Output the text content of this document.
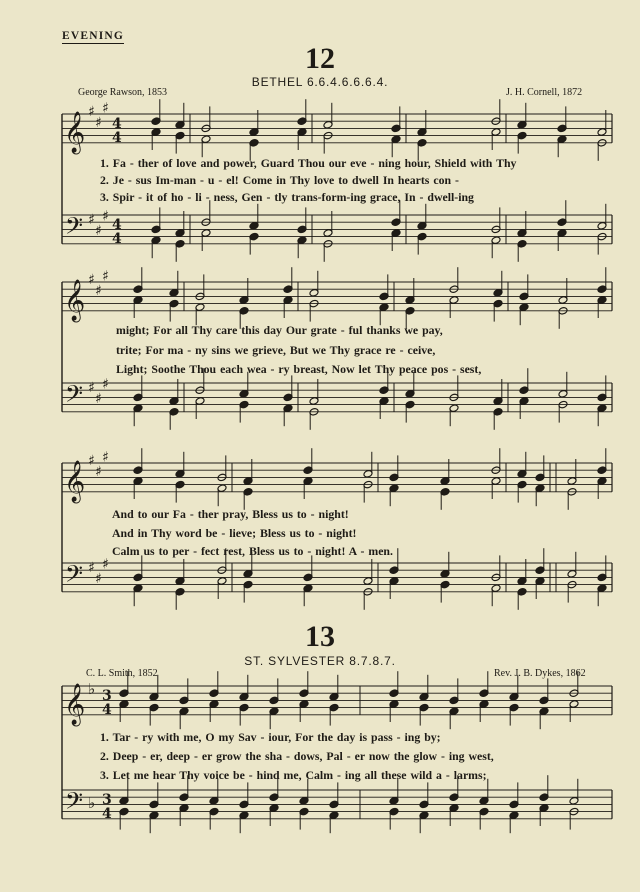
EVENING
12
BETHEL 6.6.4.6.6.6.4.
George Rawson, 1853	J. H. Cornell, 1872
𝄞
𝄢
♯
♯
♯
♯
♯
♯
4
4
4
4
𝄞
𝄢
♯
♯
♯
♯
♯
♯
𝄞
𝄢
♯
♯
♯
♯
♯
♯
𝄞
𝄢
♭
♭
3
4
3
4
1. Fa - ther of love and power, Guard Thou our eve - ning hour, Shield with Thy
2. Je - sus Im-man - u - el! Come in Thy love to dwell In hearts con -
3. Spir - it of ho - li - ness, Gen - tly trans-form-ing grace, In - dwell-ing
might; For all Thy care this day Our grate - ful thanks we pay,
trite; For ma - ny sins we grieve, But we Thy grace re - ceive,
Light; Soothe Thou each wea - ry breast, Now let Thy peace pos - sest,
And to our Fa - ther pray, Bless us to - night!
And in Thy word be - lieve; Bless us to - night!
Calm us to per - fect rest, Bless us to - night! A - men.
13
ST. SYLVESTER 8.7.8.7.
C. L. Smith, 1852	Rev. J. B. Dykes, 1862
1. Tar - ry with me, O my Sav - iour, For the day is pass - ing by;
2. Deep - er, deep - er grow the sha - dows, Pal - er now the glow - ing west,
3. Let me hear Thy voice be - hind me, Calm - ing all these wild a - larms;
